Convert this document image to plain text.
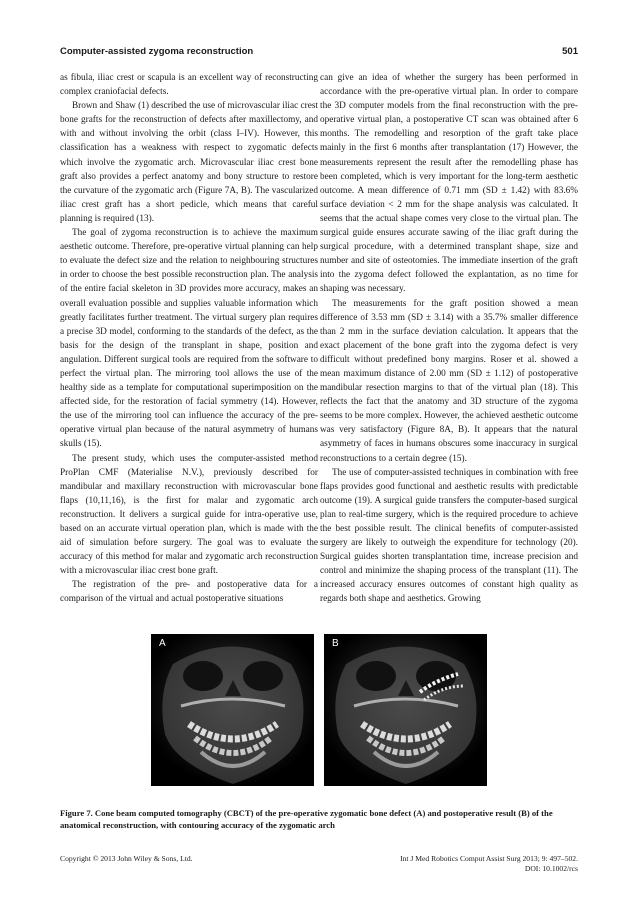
Computer-assisted zygoma reconstruction	501

as fibula, iliac crest or scapula is an excellent way of reconstructing complex craniofacial defects.

Brown and Shaw (1) described the use of microvascular iliac crest bone grafts for the reconstruction of defects after maxillectomy, and with and without involving the orbit (class I–IV). However, this classification has a weakness with respect to zygomatic defects which involve the zygomatic arch. Microvascular iliac crest bone graft also provides a perfect anatomy and bony structure to restore the curvature of the zygomatic arch (Figure 7A, B). The vascularized iliac crest graft has a short pedicle, which means that careful planning is required (13).

The goal of zygoma reconstruction is to achieve the maximum aesthetic outcome. Therefore, pre-operative virtual planning can help to evaluate the defect size and the relation to neighbouring structures in order to choose the best possible reconstruction plan. The analysis of the entire facial skeleton in 3D provides more accuracy, makes an overall evaluation possible and supplies valuable information which greatly facilitates further treatment. The virtual surgery plan requires a precise 3D model, conforming to the standards of the defect, as the basis for the design of the transplant in shape, position and angulation. Different surgical tools are required from the software to perfect the virtual plan. The mirroring tool allows the use of the healthy side as a template for computational superimposition on the affected side, for the restoration of facial symmetry (14). However, the use of the mirroring tool can influence the accuracy of the pre-operative virtual plan because of the natural asymmetry of humans skulls (15).

The present study, which uses the computer-assisted method ProPlan CMF (Materialise N.V.), previously described for mandibular and maxillary reconstruction with microvascular bone flaps (10,11,16), is the first for malar and zygomatic arch reconstruction. It delivers a surgical guide for intra-operative use, based on an accurate virtual operation plan, which is made with the aid of simulation before surgery. The goal was to evaluate the accuracy of this method for malar and zygomatic arch reconstruction with a microvascular iliac crest bone graft.

The registration of the pre- and postoperative data for a comparison of the virtual and actual postoperative situations

can give an idea of whether the surgery has been performed in accordance with the pre-operative virtual plan. In order to compare the 3D computer models from the final reconstruction with the pre-operative virtual plan, a postoperative CT scan was obtained after 6 months. The remodelling and resorption of the graft take place mainly in the first 6 months after transplantation (17) However, the measurements represent the result after the remodelling phase has been completed, which is very important for the long-term aesthetic outcome. A mean difference of 0.71 mm (SD ± 1.42) with 83.6% surface deviation < 2 mm for the shape analysis was calculated. It seems that the actual shape comes very close to the virtual plan. The surgical guide ensures accurate sawing of the iliac graft during the surgical procedure, with a determined transplant shape, size and number and site of osteotomies. The immediate insertion of the graft into the zygoma defect followed the explantation, as no time for shaping was necessary.

The measurements for the graft position showed a mean difference of 3.53 mm (SD ± 3.14) with a 35.7% smaller difference than 2 mm in the surface deviation calculation. It appears that the exact placement of the bone graft into the zygoma defect is very difficult without predefined bony margins. Roser et al. showed a mean maximum distance of 2.00 mm (SD ± 1.12) of postoperative mandibular resection margins to that of the virtual plan (18). This reflects the fact that the anatomy and 3D structure of the zygoma seems to be more complex. However, the achieved aesthetic outcome was very satisfactory (Figure 8A, B). It appears that the natural asymmetry of faces in humans obscures some inaccuracy in surgical reconstructions to a certain degree (15).

The use of computer-assisted techniques in combination with free flaps provides good functional and aesthetic results with predictable outcome (19). A surgical guide transfers the computer-based surgical plan to real-time surgery, which is the required procedure to achieve the best possible result. The clinical benefits of computer-assisted surgery are likely to outweigh the expenditure for technology (20). Surgical guides shorten transplantation time, increase precision and control and minimize the shaping process of the transplant (11). The increased accuracy ensures outcomes of constant high quality as regards both shape and aesthetics. Growing

A	B
Figure 7. Cone beam computed tomography (CBCT) of the pre-operative zygomatic bone defect (A) and postoperative result (B) of the anatomical reconstruction, with contouring accuracy of the zygomatic arch
Copyright © 2013 John Wiley & Sons, Ltd.	Int J Med Robotics Comput Assist Surg 2013; 9: 497–502.
DOI: 10.1002/rcs
